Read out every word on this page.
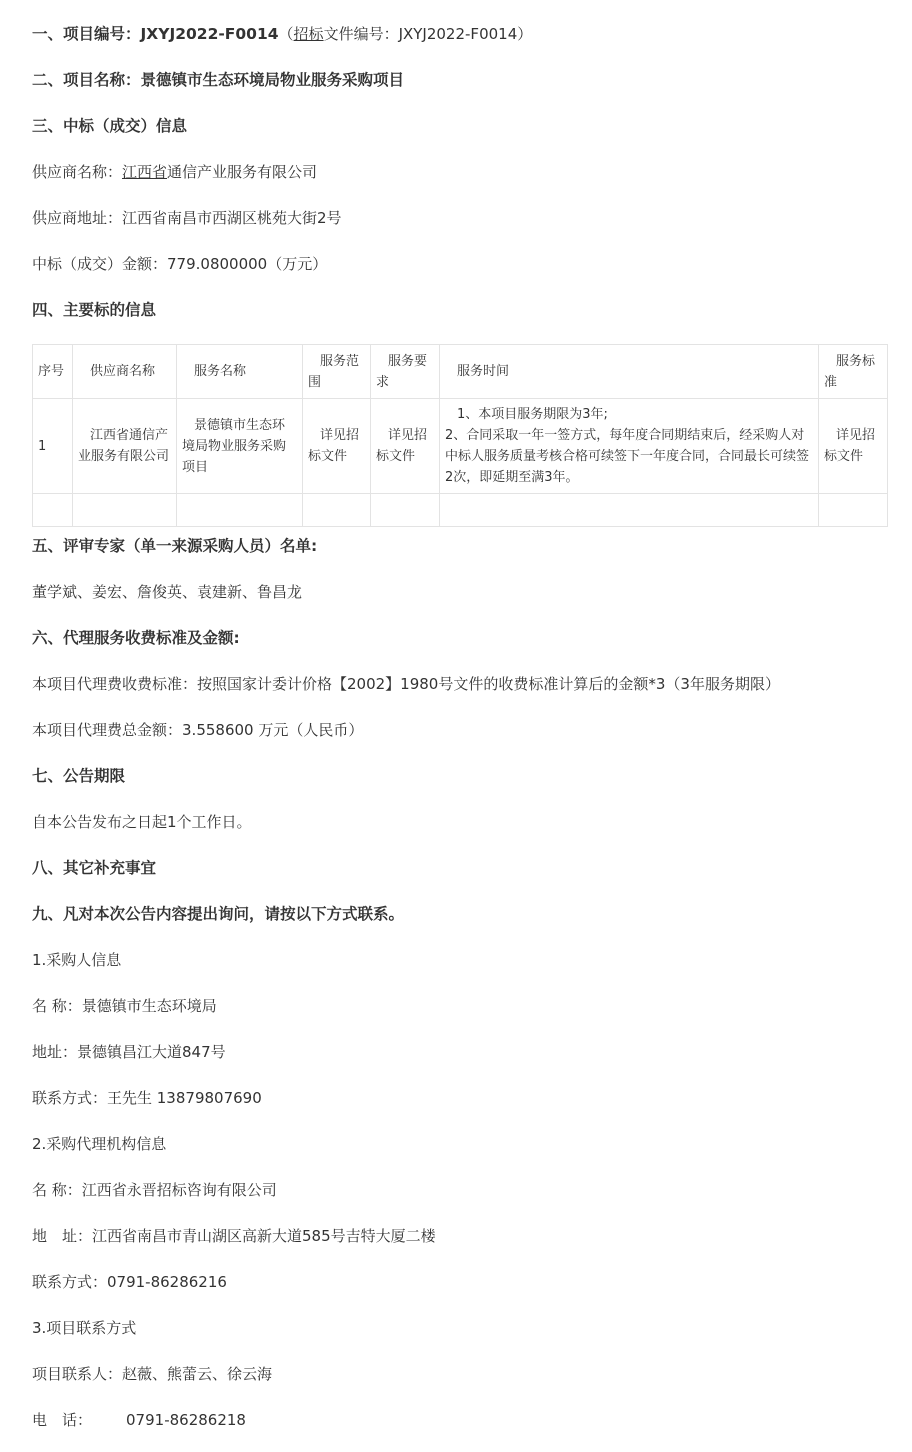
一、项目编号：JXYJ2022-F0014（招标文件编号：JXYJ2022-F0014）
二、项目名称：景德镇市生态环境局物业服务采购项目
三、中标（成交）信息
供应商名称：江西省通信产业服务有限公司
供应商地址：江西省南昌市西湖区桃苑大街2号
中标（成交）金额：779.0800000（万元）
四、主要标的信息
序号	供应商名称	服务名称	服务范围	服务要求	服务时间	服务标准
1	江西省通信产业服务有限公司	景德镇市生态环境局物业服务采购项目	详见招标文件	详见招标文件	1、本项目服务期限为3年;
2、合同采取一年一签方式，每年度合同期结束后，经采购人对中标人服务质量考核合格可续签下一年度合同，合同最长可续签2次，即延期至满3年。	详见招标文件

五、评审专家（单一来源采购人员）名单:
董学斌、姜宏、詹俊英、袁建新、鲁昌龙
六、代理服务收费标准及金额:
本项目代理费收费标准：按照国家计委计价格【2002】1980号文件的收费标准计算后的金额*3（3年服务期限）
本项目代理费总金额：3.558600 万元（人民币）
七、公告期限
自本公告发布之日起1个工作日。
八、其它补充事宜
九、凡对本次公告内容提出询问，请按以下方式联系。
1.采购人信息
名 称：景德镇市生态环境局
地址：景德镇昌江大道847号
联系方式：王先生 13879807690
2.采购代理机构信息
名 称：江西省永晋招标咨询有限公司
地　址：江西省南昌市青山湖区高新大道585号吉特大厦二楼
联系方式：0791-86286216
3.项目联系方式
项目联系人：赵薇、熊蕾云、徐云海
电　话： 0791-86286218
